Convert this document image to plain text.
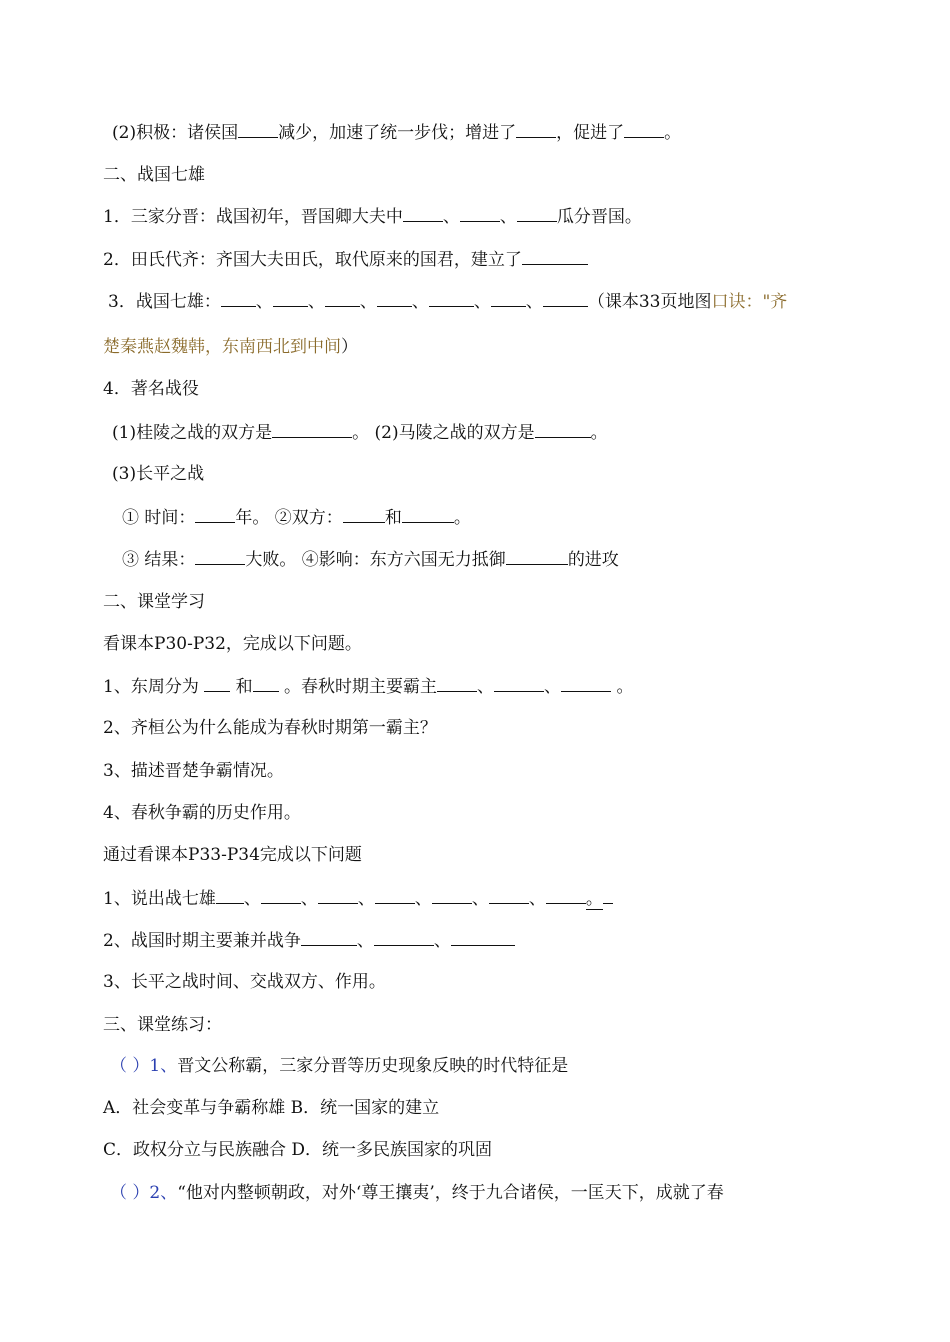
(2)积极：诸侯国 减少，加速了统一步伐；增进了 ，促进了 。
二、战国七雄
1．三家分晋：战国初年，晋国卿大夫中 、 、 瓜分晋国。
2．田氏代齐：齐国大夫田氏，取代原来的国君，建立了
3．战国七雄： 、 、 、 、	、 、	（课本33页地图口诀："齐
楚秦燕赵魏韩，东南西北到中间）
4．著名战役
(1)桂陵之战的双方是	。 (2)马陵之战的双方是	。
(3)长平之战
① 时间： 年。 ②双方： 和	。
③ 结果：	大败。 ④影响：东方六国无力抵御	的进攻
二、课堂学习
看课本P30-P32，完成以下问题。
1、东周分为  和 。春秋时期主要霸主 、	、	。
2、齐桓公为什么能成为春秋时期第一霸主？
3、描述晋楚争霸情况。
4、春秋争霸的历史作用。
通过看课本P33-P34完成以下问题
1、说出战七雄 、 、 、 、 、 、 。
2、战国时期主要兼并战争	、	、
3、长平之战时间、交战双方、作用。
三、课堂练习：
（ ）1、晋文公称霸，三家分晋等历史现象反映的时代特征是
A．社会变革与争霸称雄 B．统一国家的建立
C．政权分立与民族融合 D．统一多民族国家的巩固
（ ）2、“他对内整顿朝政，对外‘尊王攘夷’，终于九合诸侯，一匡天下，成就了春
